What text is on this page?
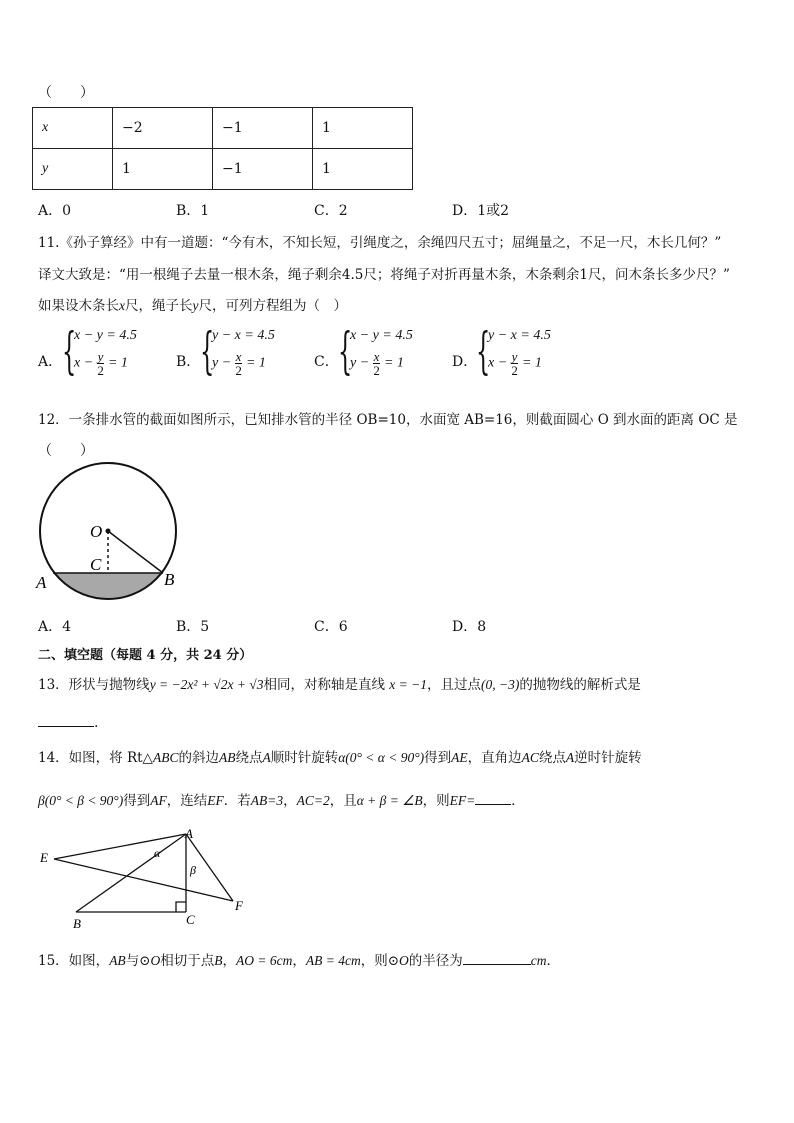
（　　）
x	−2	−1	1
y	1	−1	1
A．0	B．1	C．2	D．1或2
11.《孙子算经》中有一道题：“今有木，不知长短，引绳度之，余绳四尺五寸；屈绳量之，不足一尺，木长几何？”
译文大致是：“用一根绳子去量一根木条，绳子剩余4.5尺；将绳子对折再量木条，木条剩余1尺，问木条长多少尺？”
如果设木条长x尺，绳子长y尺，可列方程组为（　）
A． {
x − y = 4.5
$x - \frac{y}{2} = 1$	B． {
y − x = 4.5
$y - \frac{x}{2} = 1$	C． {
x − y = 4.5
$y - \frac{x}{2} = 1$	D．
{
y − x = 4.5
$x - \frac{y}{2} = 1$
12．一条排水管的截面如图所示，已知排水管的半径 OB=10，水面宽 AB=16，则截面圆心 O 到水面的距离 OC 是
（　　）
O
C
A	B
A．4	B．5	C．6	D．8
二、填空题（每题 4 分，共 24 分）
13．形状与抛物线y = −2x² + √2x + √3相同，对称轴是直线 x = −1，且过点(0, −3)的抛物线的解析式是
.
14．如图，将 Rt△ABC的斜边AB绕点A顺时针旋转α(0° < α < 90°)得到AE，直角边AC绕点A逆时针旋转
β(0° < β < 90°)得到AF，连结EF．若AB=3，AC=2，且α + β = ∠B，则EF=	．
A
E
B	C
F
α
β
15．如图，AB与⊙O相切于点B，AO = 6cm，AB = 4cm，则⊙O的半径为	cm．
